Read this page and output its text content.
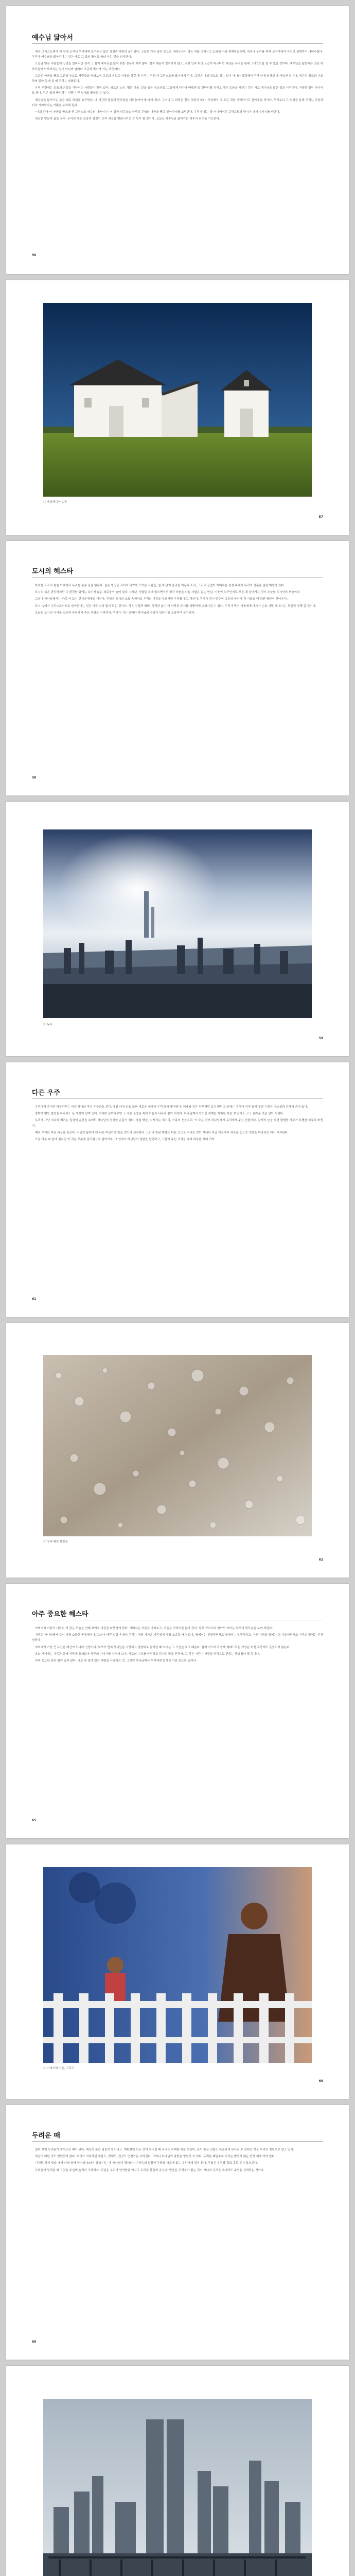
예수님 닮아서

예수 그리스도께서 이 땅에 오셔서 우리에게 보여주신 삶은 섬김과 사랑의 삶이었다. 그분은 가장 낮은 곳으로 내려오셔서 병든 자를 고치시고 소외된 자와 함께하셨으며, 마침내 우리를 위해 십자가에서 자신의 생명까지 내어주셨다. 우리가 예수님을 닮아간다는 것은 바로 그 삶의 방식을 따라 사는 것을 의미한다.

오늘날 많은 사람들이 신앙을 말하지만 정작 그 삶이 예수님을 닮지 못한 경우가 적지 않다. 말과 행동이 일치하지 않고, 교회 안과 밖의 모습이 다르다면 세상은 우리를 통해 그리스도를 볼 수 없을 것이다. 예수님을 닮는다는 것은 하루아침에 이루어지는 일이 아니라 날마다 조금씩 빚어져 가는 과정이다.

그분의 마음을 품고 그분의 눈으로 사람들을 바라보며 그분의 손길로 이웃을 섬길 때 우리는 점점 더 그리스도를 닮아가게 된다. 그것은 나의 힘으로 되는 일이 아니라 성령께서 우리 안에 일하실 때 가능한 일이다. 겸손히 엎드려 기도하며 말씀 앞에 설 때 우리는 변화된다.

우리 주변에는 도움의 손길을 기다리는 사람들이 많이 있다. 외로운 노인, 병든 이웃, 길을 잃은 청소년들. 그들에게 다가가 따뜻한 말 한마디를 건네고 작은 도움을 베푸는 것이 바로 예수님을 닮은 삶의 시작이다. 거창한 일이 아니어도 좋다. 작은 일에 충성하는 사람이 큰 일에도 충성할 수 있다.

예수님을 닮아가는 삶은 때로 희생을 요구한다. 내 시간과 물질과 편안함을 내려놓아야 할 때가 있다. 그러나 그 희생은 결코 헛되지 않다. 주님께서 그 모든 것을 기억하시고 갚아주실 것이다. 무엇보다 그 희생을 통해 우리는 주님과 더욱 가까워지는 기쁨을 누리게 된다.

"너희 안에 이 마음을 품으라 곧 그리스도 예수의 마음이니" 이 말씀처럼 오늘 하루도 주님의 마음을 품고 살아가기를 소망한다. 우리가 있는 곳 어디에서든 그리스도의 향기가 퍼져 나가기를 바란다.

세상은 말보다 삶을 본다. 우리의 작은 순종과 섬김이 모여 세상을 변화시키는 큰 힘이 될 것이다. 오늘도 예수님을 닮아가는 하루가 되기를 기도한다.

56
Ⓒ 펜실베니아 농장
57
도시의 헤스타

화려한 도시의 불빛 아래에서 우리는 종종 길을 잃는다. 높은 빌딩들 사이로 바쁘게 오가는 사람들, 쉴 새 없이 울리는 자동차 소리, 그리고 끝없이 이어지는 경쟁 속에서 우리의 영혼은 점점 메말라 간다.

도시의 삶은 편리하지만 그 편리함 뒤에는 보이지 않는 외로움이 숨어 있다. 수많은 사람들 속에 있으면서도 정작 마음을 나눌 사람은 없는 현실. 이웃이 누구인지도 모른 채 살아가는 것이 오늘날 도시인의 모습이다.

그러나 하나님께서는 바로 이 도시 한가운데에도 계신다. 주님은 도시의 소음 속에서도 우리의 이름을 부르시며 우리를 찾고 계신다. 우리가 잠시 멈추어 그분의 음성에 귀 기울일 때 참된 평안이 찾아온다.

도시 속에서 그리스도인으로 살아간다는 것은 어둠 속의 빛이 되는 것이다. 작은 친절과 배려, 정직한 삶이 이 삭막한 도시를 따뜻하게 변화시킬 수 있다. 우리가 먼저 이웃에게 다가가 손을 내밀 때 도시는 조금씩 변해 갈 것이다.

오늘도 도시의 거리를 걸으며 주님께서 주신 사명을 기억하자. 우리가 가는 곳마다 하나님의 나라가 임하기를 소망하며 살아가자.

58
Ⓒ 뉴욕
59
다른 우주

우리에게 주어진 하루하루는 마치 하나의 작은 우주와도 같다. 매일 아침 눈을 뜨면 새로운 세계가 우리 앞에 펼쳐진다. 어제와 같은 하루처럼 보이지만 그 안에는 우리가 미처 알지 못한 수많은 가능성과 은혜가 숨어 있다.

창밖에 맺힌 물방울 하나에도 온 세상이 담겨 있다. 자세히 들여다보면 그 작은 물방울 속에 하늘과 나무와 빛이 비친다. 하나님께서 만드신 세계는 이처럼 작은 것 안에도 크고 놀라운 것을 담아 두셨다.

우리가 그냥 지나쳐 버리는 일상의 순간들 속에도 하나님의 섬세한 손길이 있다. 아침 햇살, 지저귀는 새소리, 가족의 웃음소리. 이 모든 것이 하나님께서 우리에게 주신 선물이다. 감사의 눈을 뜨면 평범한 하루가 특별한 하루로 바뀐다.

때로 우리는 다른 세상을 꿈꾼다. 지금의 삶보다 더 나은 어딘가가 있을 것이라 생각한다. 그러나 참된 변화는 다른 곳으로 떠나는 것이 아니라 지금 이곳에서 새로운 눈으로 세상을 바라보는 데서 시작된다.

오늘 하루 내 앞에 펼쳐진 이 작은 우주를 감사함으로 살아가자. 그 안에서 하나님의 영광을 발견하고, 그분이 주신 사명을 따라 하루를 채워 가자.

61
Ⓒ 창에 맺힌 물방울
62
아주 중요한 헤스타

아버지와 아들이 나란히 서 있는 모습은 언제 보아도 마음을 따뜻하게 한다. 아버지는 아들을 바라보고, 아들은 아버지를 닮아 간다. 말로 가르치지 않아도 아이는 부모의 뒷모습을 보며 자란다.

가정은 하나님께서 주신 가장 소중한 공동체이다. 그러나 바쁜 일상 속에서 우리는 가장 가까운 가족에게 가장 소홀할 때가 많다. 밖에서는 친절하면서도 집에서는 무뚝뚝하고, 다른 사람의 말에는 귀 기울이면서도 가족의 말에는 무관심하다.

자녀에게 가장 큰 유산은 재산이 아니라 신앙이다. 부모가 먼저 하나님을 사랑하고 말씀대로 살아갈 때 자녀는 그 모습을 보고 배운다. 함께 기도하고 함께 예배드리는 가정은 어떤 폭풍에도 흔들리지 않는다.

오늘 저녁에는 가족과 함께 식탁에 둘러앉아 하루의 이야기를 나누어 보자. 서로의 수고를 인정하고 감사의 말을 전하자. 그 작은 시간이 가정을 천국으로 만드는 출발점이 될 것이다.

아주 중요한 일은 멀리 있지 않다. 바로 내 곁에 있는 사람을 사랑하는 것, 그것이 하나님께서 우리에게 맡기신 가장 중요한 일이다.

65
Ⓒ 아버지와 아들, 그리고
66
두려운 때

살다 보면 두려움이 찾아오는 때가 있다. 예상치 못한 일들이 일어나고, 계획했던 모든 것이 무너질 때 우리는 어찌할 바를 모른다. 높이 솟은 건물도 한순간에 무너질 수 있다는 것을 우리는 경험으로 알고 있다.

세상의 어떤 것도 영원하지 않다. 우리가 의지하던 재물도, 명예도, 건강도 언젠가는 사라진다. 그러나 하나님의 말씀은 영원히 서 있다. 두려운 때일수록 우리는 변하지 않는 반석 위에 서야 한다.

"두려워하지 말라 내가 너와 함께 함이라 놀라지 말라 나는 네 하나님이 됨이라" 이 약속의 말씀이 두려움 가운데 있는 우리에게 힘이 된다. 주님은 우리를 결코 홀로 두지 않으신다.

두려움이 밀려올 때 그것을 주님께 솔직히 고백하자. 주님은 우리의 연약함을 아시고 우리를 붙들어 주신다. 믿음은 두려움이 없는 것이 아니라 두려움 속에서도 주님을 신뢰하는 것이다.

69
